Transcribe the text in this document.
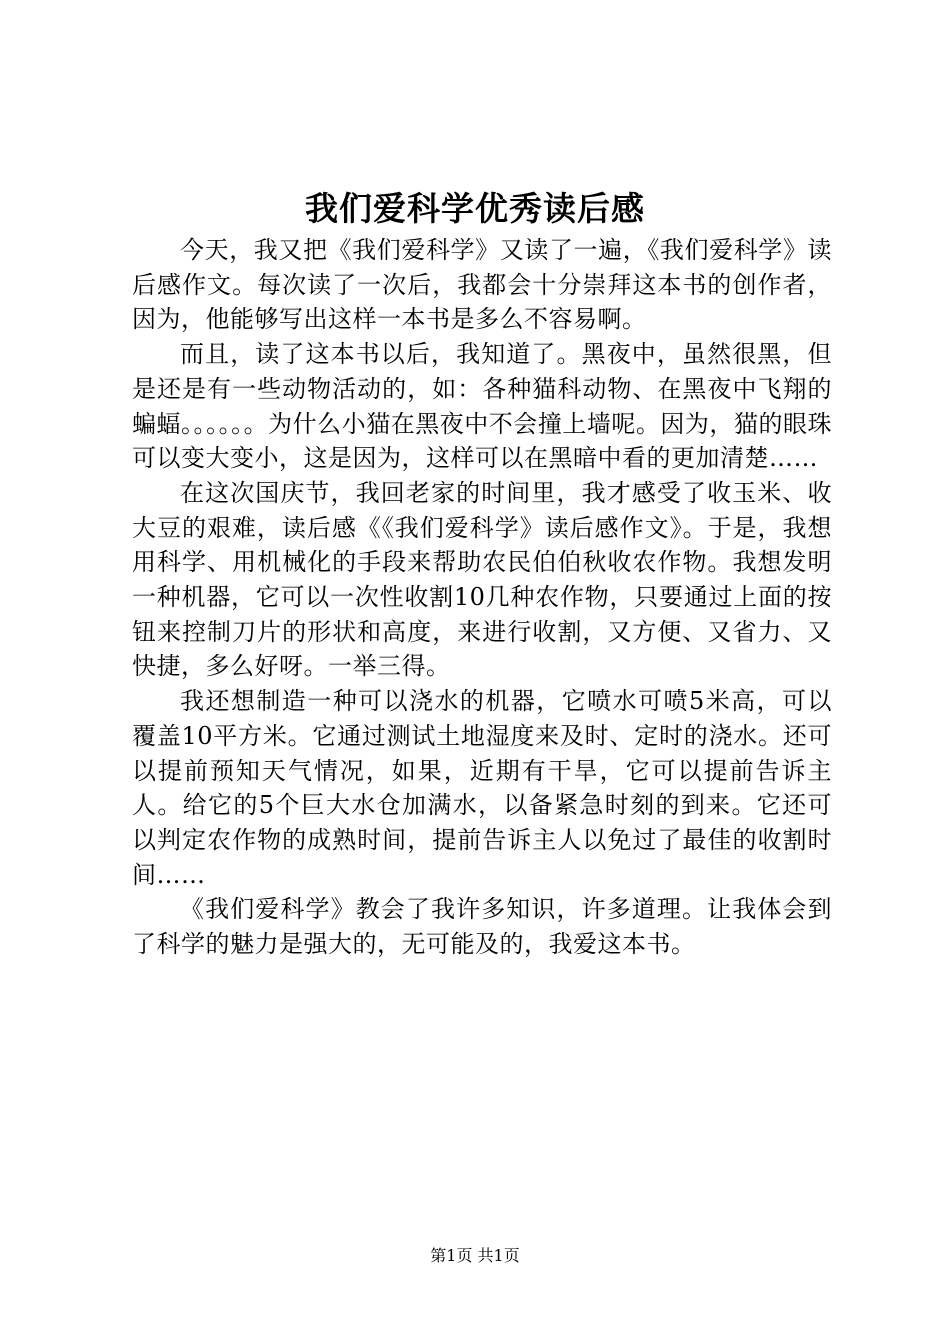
我们爱科学优秀读后感

今天，我又把《我们爱科学》又读了一遍，《我们爱科学》读后感作文。每次读了一次后，我都会十分崇拜这本书的创作者，因为，他能够写出这样一本书是多么不容易啊。

而且，读了这本书以后，我知道了。黑夜中，虽然很黑，但是还是有一些动物活动的，如：各种猫科动物、在黑夜中飞翔的蝙蝠。。。。。。为什么小猫在黑夜中不会撞上墙呢。因为，猫的眼珠可以变大变小，这是因为，这样可以在黑暗中看的更加清楚……

在这次国庆节，我回老家的时间里，我才感受了收玉米、收大豆的艰难，读后感《《我们爱科学》读后感作文》。于是，我想用科学、用机械化的手段来帮助农民伯伯秋收农作物。我想发明一种机器，它可以一次性收割10几种农作物，只要通过上面的按钮来控制刀片的形状和高度，来进行收割，又方便、又省力、又快捷，多么好呀。一举三得。

我还想制造一种可以浇水的机器，它喷水可喷5米高，可以覆盖10平方米。它通过测试土地湿度来及时、定时的浇水。还可以提前预知天气情况，如果，近期有干旱，它可以提前告诉主人。给它的5个巨大水仓加满水，以备紧急时刻的到来。它还可以判定农作物的成熟时间，提前告诉主人以免过了最佳的收割时间……

《我们爱科学》教会了我许多知识，许多道理。让我体会到了科学的魅力是强大的，无可能及的，我爱这本书。

第1页 共1页
